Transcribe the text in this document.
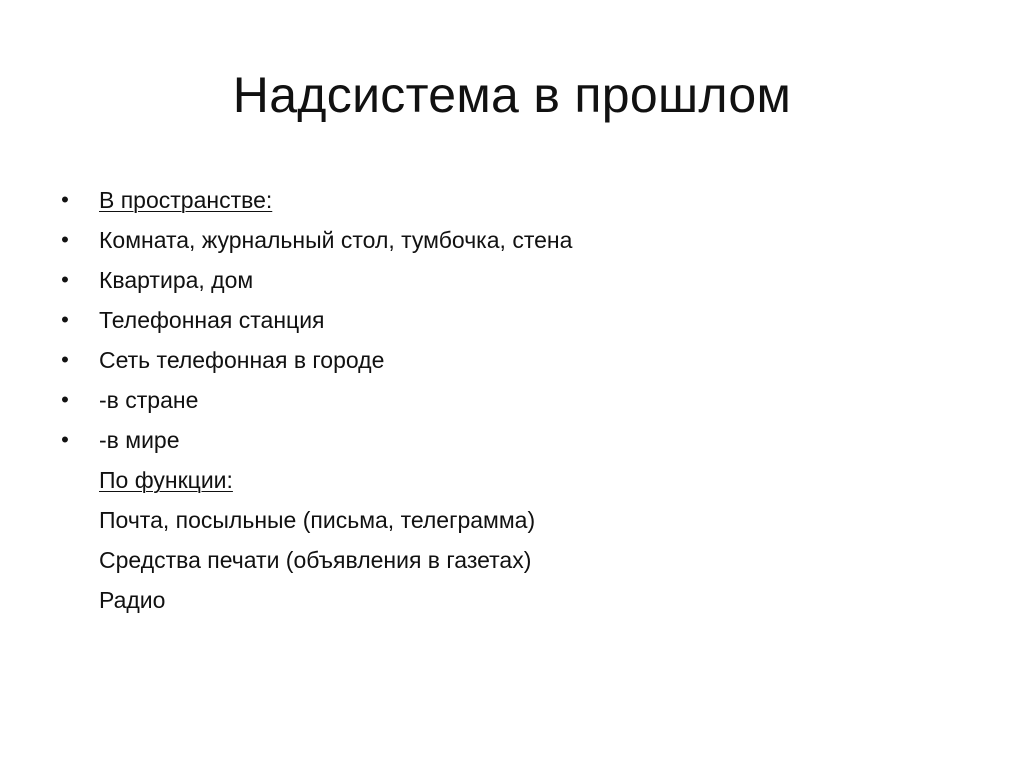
Надсистема в прошлом
• В пространстве:
• Комната, журнальный стол, тумбочка, стена
• Квартира, дом
• Телефонная станция
• Сеть телефонная в городе
• -в стране
• -в мире
По функции:
Почта, посыльные (письма, телеграмма)
Средства печати (объявления в газетах)
Радио
